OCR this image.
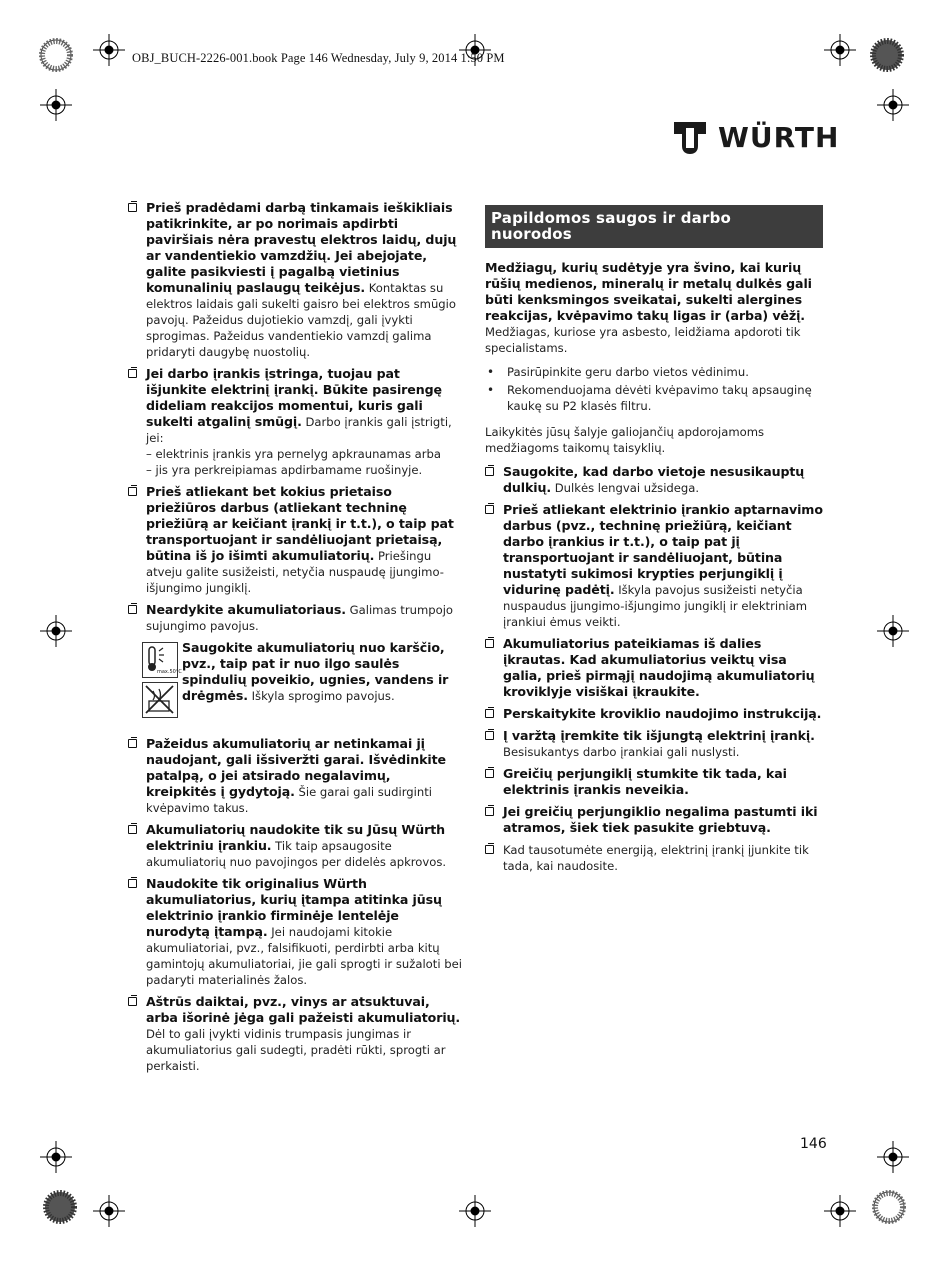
OBJ_BUCH-2226-001.book Page 146 Wednesday, July 9, 2014 1:50 PM
WÜRTH
Prieš pradėdami darbą tinkamais ieškikliais patikrinkite, ar po norimais apdirbti paviršiais nėra pravestų elektros laidų, dujų ar vandentiekio vamzdžių. Jei abejojate, galite pasikviesti į pagalbą vietinius komunalinių paslaugų teikėjus. Kontaktas su elektros laidais gali sukelti gaisro bei elektros smūgio pavojų. Pažeidus dujotiekio vamzdį, gali įvykti sprogimas. Pažeidus vandentiekio vamzdį galima pridaryti daugybę nuostolių.
Jei darbo įrankis įstringa, tuojau pat išjunkite elektrinį įrankį. Būkite pasirengę dideliam reakcijos momentui, kuris gali sukelti atgalinį smūgį. Darbo įrankis gali įstrigti, jei:
– elektrinis įrankis yra pernelyg apkraunamas arba
– jis yra perkreipiamas apdirbamame ruošinyje.
Prieš atliekant bet kokius prietaiso priežiūros darbus (atliekant techninę priežiūrą ar keičiant įrankį ir t.t.), o taip pat transportuojant ir sandėliuojant prietaisą, būtina iš jo išimti akumuliatorių. Priešingu atveju galite susižeisti, netyčia nuspaudę įjungimo-išjungimo jungiklį.
Neardykite akumuliatoriaus. Galimas trumpojo sujungimo pavojus.
max.50°C
Saugokite akumuliatorių nuo karščio, pvz., taip pat ir nuo ilgo saulės spindulių poveikio, ugnies, vandens ir drėgmės. Iškyla sprogimo pavojus.
Pažeidus akumuliatorių ar netinkamai jį naudojant, gali išsiveržti garai. Išvėdinkite patalpą, o jei atsirado negalavimų, kreipkitės į gydytoją. Šie garai gali sudirginti kvėpavimo takus.
Akumuliatorių naudokite tik su Jūsų Würth elektriniu įrankiu. Tik taip apsaugosite akumuliatorių nuo pavojingos per didelės apkrovos.
Naudokite tik originalius Würth akumuliatorius, kurių įtampa atitinka jūsų elektrinio įrankio firminėje lentelėje nurodytą įtampą. Jei naudojami kitokie akumuliatoriai, pvz., falsifikuoti, perdirbti arba kitų gamintojų akumuliatoriai, jie gali sprogti ir sužaloti bei padaryti materialinės žalos.
Aštrūs daiktai, pvz., vinys ar atsuktuvai, arba išorinė jėga gali pažeisti akumuliatorių. Dėl to gali įvykti vidinis trumpasis jungimas ir akumuliatorius gali sudegti, pradėti rūkti, sprogti ar perkaisti.
Papildomos saugos ir darbo nuorodos
Medžiagų, kurių sudėtyje yra švino, kai kurių rūšių medienos, mineralų ir metalų dulkės gali būti kenksmingos sveikatai, sukelti alergines reakcijas, kvėpavimo takų ligas ir (arba) vėžį. Medžiagas, kuriose yra asbesto, leidžiama apdoroti tik specialistams.
• Pasirūpinkite geru darbo vietos vėdinimu.
• Rekomenduojama dėvėti kvėpavimo takų apsauginę kaukę su P2 klasės filtru.
Laikykitės jūsų šalyje galiojančių apdorojamoms medžiagoms taikomų taisyklių.
Saugokite, kad darbo vietoje nesusikauptų dulkių. Dulkės lengvai užsidega.
Prieš atliekant elektrinio įrankio aptarnavimo darbus (pvz., techninę priežiūrą, keičiant darbo įrankius ir t.t.), o taip pat jį transportuojant ir sandėliuojant, būtina nustatyti sukimosi krypties perjungiklį į vidurinę padėtį. Iškyla pavojus susižeisti netyčia nuspaudus įjungimo-išjungimo jungiklį ir elektriniam įrankiui ėmus veikti.
Akumuliatorius pateikiamas iš dalies įkrautas. Kad akumuliatorius veiktų visa galia, prieš pirmąjį naudojimą akumuliatorių kroviklyje visiškai įkraukite.
Perskaitykite kroviklio naudojimo instrukciją.
Į varžtą įremkite tik išjungtą elektrinį įrankį. Besisukantys darbo įrankiai gali nuslysti.
Greičių perjungiklį stumkite tik tada, kai elektrinis įrankis neveikia.
Jei greičių perjungiklio negalima pastumti iki atramos, šiek tiek pasukite griebtuvą.
Kad tausotumėte energiją, elektrinį įrankį įjunkite tik tada, kai naudosite.
146
